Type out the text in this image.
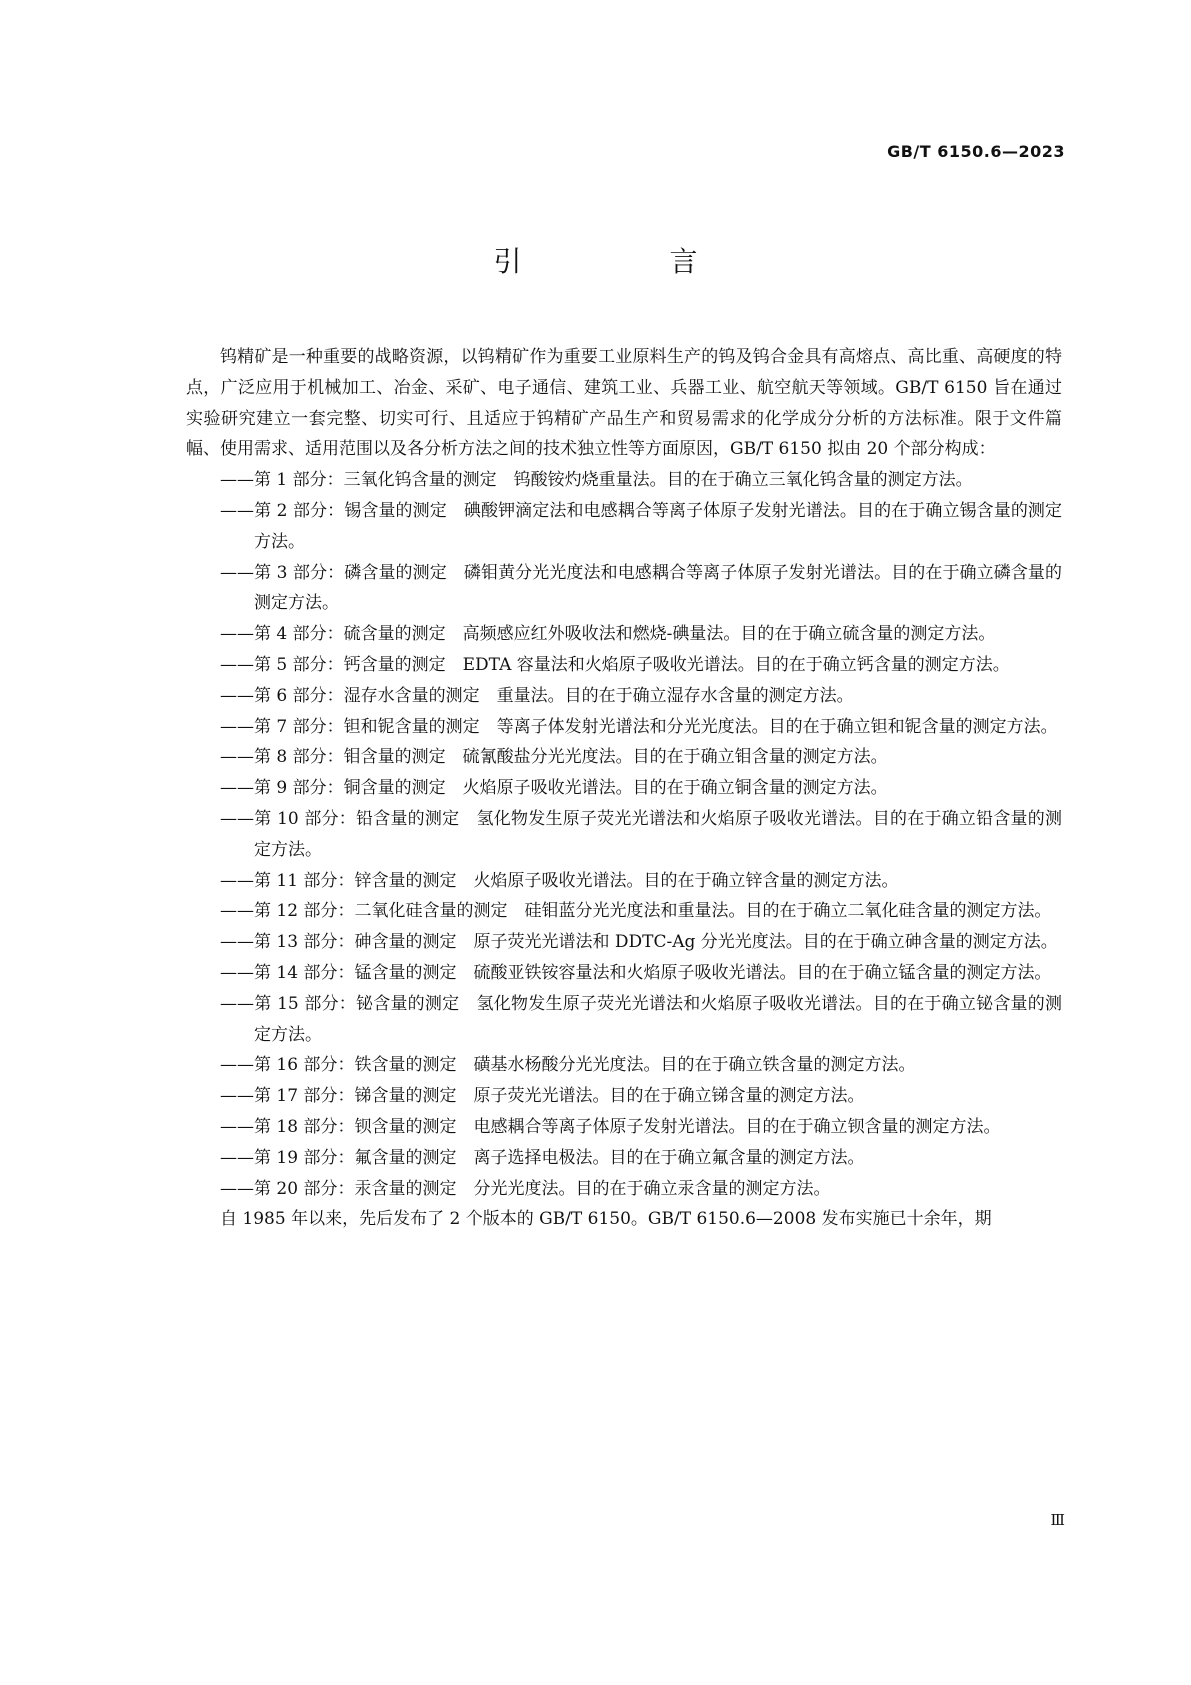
GB/T 6150.6—2023
引　言

钨精矿是一种重要的战略资源，以钨精矿作为重要工业原料生产的钨及钨合金具有高熔点、高比重、高硬度的特点，广泛应用于机械加工、冶金、采矿、电子通信、建筑工业、兵器工业、航空航天等领域。GB/T 6150 旨在通过实验研究建立一套完整、切实可行、且适应于钨精矿产品生产和贸易需求的化学成分分析的方法标准。限于文件篇幅、使用需求、适用范围以及各分析方法之间的技术独立性等方面原因，GB/T 6150 拟由 20 个部分构成：

——第 1 部分：三氧化钨含量的测定　钨酸铵灼烧重量法。目的在于确立三氧化钨含量的测定方法。

——第 2 部分：锡含量的测定　碘酸钾滴定法和电感耦合等离子体原子发射光谱法。目的在于确立锡含量的测定方法。

——第 3 部分：磷含量的测定　磷钼黄分光光度法和电感耦合等离子体原子发射光谱法。目的在于确立磷含量的测定方法。

——第 4 部分：硫含量的测定　高频感应红外吸收法和燃烧-碘量法。目的在于确立硫含量的测定方法。

——第 5 部分：钙含量的测定　EDTA 容量法和火焰原子吸收光谱法。目的在于确立钙含量的测定方法。

——第 6 部分：湿存水含量的测定　重量法。目的在于确立湿存水含量的测定方法。

——第 7 部分：钽和铌含量的测定　等离子体发射光谱法和分光光度法。目的在于确立钽和铌含量的测定方法。

——第 8 部分：钼含量的测定　硫氰酸盐分光光度法。目的在于确立钼含量的测定方法。

——第 9 部分：铜含量的测定　火焰原子吸收光谱法。目的在于确立铜含量的测定方法。

——第 10 部分：铅含量的测定　氢化物发生原子荧光光谱法和火焰原子吸收光谱法。目的在于确立铅含量的测定方法。

——第 11 部分：锌含量的测定　火焰原子吸收光谱法。目的在于确立锌含量的测定方法。

——第 12 部分：二氧化硅含量的测定　硅钼蓝分光光度法和重量法。目的在于确立二氧化硅含量的测定方法。

——第 13 部分：砷含量的测定　原子荧光光谱法和 DDTC-Ag 分光光度法。目的在于确立砷含量的测定方法。

——第 14 部分：锰含量的测定　硫酸亚铁铵容量法和火焰原子吸收光谱法。目的在于确立锰含量的测定方法。

——第 15 部分：铋含量的测定　氢化物发生原子荧光光谱法和火焰原子吸收光谱法。目的在于确立铋含量的测定方法。

——第 16 部分：铁含量的测定　磺基水杨酸分光光度法。目的在于确立铁含量的测定方法。

——第 17 部分：锑含量的测定　原子荧光光谱法。目的在于确立锑含量的测定方法。

——第 18 部分：钡含量的测定　电感耦合等离子体原子发射光谱法。目的在于确立钡含量的测定方法。

——第 19 部分：氟含量的测定　离子选择电极法。目的在于确立氟含量的测定方法。

——第 20 部分：汞含量的测定　分光光度法。目的在于确立汞含量的测定方法。

自 1985 年以来，先后发布了 2 个版本的 GB/T 6150。GB/T 6150.6—2008 发布实施已十余年，期

Ⅲ
